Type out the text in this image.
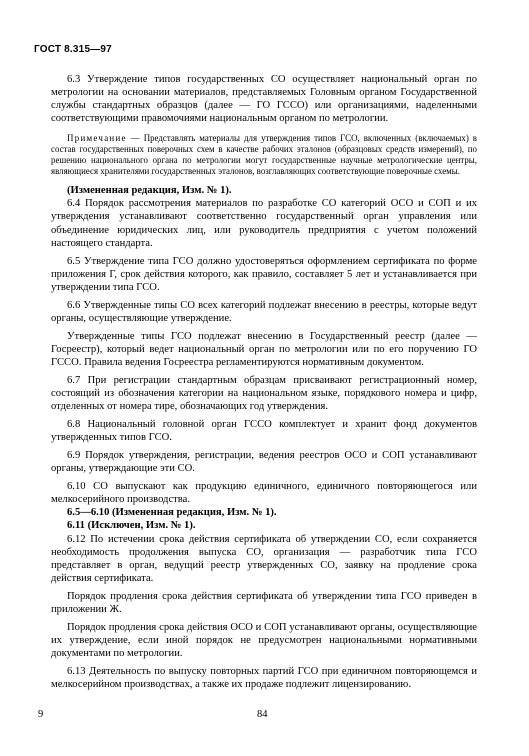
ГОСТ 8.315—97

6.3 Утверждение типов государственных СО осуществляет национальный орган по метрологии на основании материалов, представляемых Головным органом Государственной службы стандартных образцов (далее — ГО ГССО) или организациями, наделенными соответствующими правомочиями национальным органом по метрологии.

Примечание — Представлять материалы для утверждения типов ГСО, включенных (включаемых) в состав государственных поверочных схем в качестве рабочих эталонов (образцовых средств измерений), по решению национального органа по метрологии могут государственные научные метрологические центры, являющиеся хранителями государственных эталонов, возглавляющих соответствующие поверочные схемы.

(Измененная редакция, Изм. № 1).

6.4 Порядок рассмотрения материалов по разработке СО категорий ОСО и СОП и их утверждения устанавливают соответственно государственный орган управления или объединение юридических лиц, или руководитель предприятия с учетом положений настоящего стандарта.

6.5 Утверждение типа ГСО должно удостоверяться оформлением сертификата по форме приложения Г, срок действия которого, как правило, составляет 5 лет и устанавливается при утверждении типа ГСО.

6.6 Утвержденные типы СО всех категорий подлежат внесению в реестры, которые ведут органы, осуществляющие утверждение.

Утвержденные типы ГСО подлежат внесению в Государственный реестр (далее — Госреестр), который ведет национальный орган по метрологии или по его поручению ГО ГССО. Правила ведения Госреестра регламентируются нормативным документом.

6.7 При регистрации стандартным образцам присваивают регистрационный номер, состоящий из обозначения категории на национальном языке, порядкового номера и цифр, отделенных от номера тире, обозначающих год утверждения.

6.8 Национальный головной орган ГССО комплектует и хранит фонд документов утвержденных типов ГСО.

6.9 Порядок утверждения, регистрации, ведения реестров ОСО и СОП устанавливают органы, утверждающие эти СО.

6.10 СО выпускают как продукцию единичного, единичного повторяющегося или мелкосерийного производства.

6.5—6.10 (Измененная редакция, Изм. № 1).

6.11 (Исключен, Изм. № 1).

6.12 По истечении срока действия сертификата об утверждении СО, если сохраняется необходимость продолжения выпуска СО, организация — разработчик типа ГСО представляет в орган, ведущий реестр утвержденных СО, заявку на продление срока действия сертификата.

Порядок продления срока действия сертификата об утверждении типа ГСО приведен в приложении Ж.

Порядок продления срока действия ОСО и СОП устанавливают органы, осуществляющие их утверждение, если иной порядок не предусмотрен национальными нормативными документами по метрологии.

6.13 Деятельность по выпуску повторных партий ГСО при единичном повторяющемся и мелкосерийном производствах, а также их продаже подлежит лицензированию.

9	84
